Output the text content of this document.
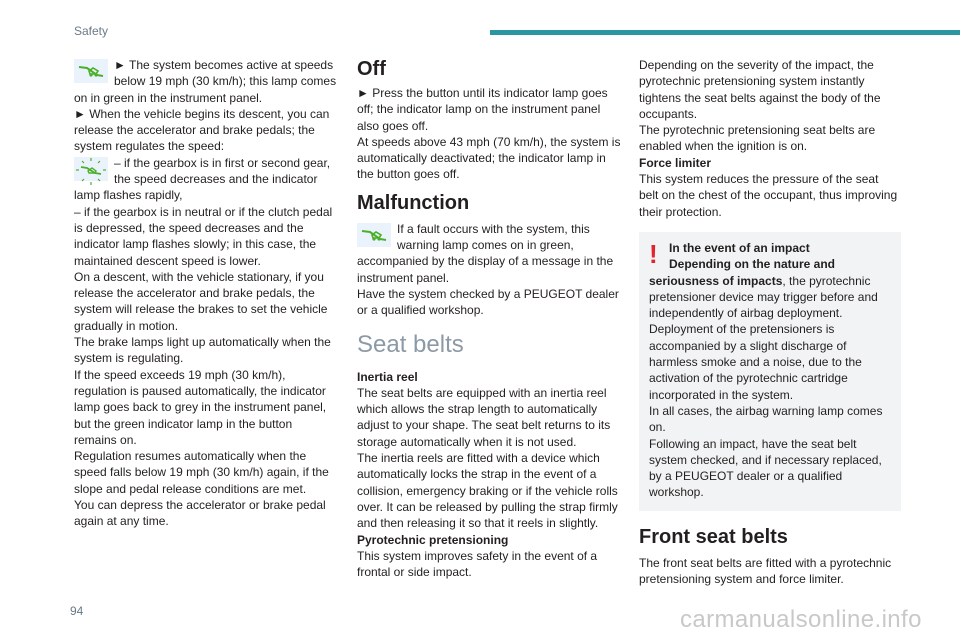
Safety

► The system becomes active at speeds below 19 mph (30 km/h); this lamp comes on in green in the instrument panel.

► When the vehicle begins its descent, you can release the accelerator and brake pedals; the system regulates the speed:

– if the gearbox is in first or second gear, the speed decreases and the indicator lamp flashes rapidly,

– if the gearbox is in neutral or if the clutch pedal is depressed, the speed decreases and the indicator lamp flashes slowly; in this case, the maintained descent speed is lower.

On a descent, with the vehicle stationary, if you release the accelerator and brake pedals, the system will release the brakes to set the vehicle gradually in motion.

The brake lamps light up automatically when the system is regulating.

If the speed exceeds 19 mph (30 km/h), regulation is paused automatically, the indicator lamp goes back to grey in the instrument panel, but the green indicator lamp in the button remains on.

Regulation resumes automatically when the speed falls below 19 mph (30 km/h) again, if the slope and pedal release conditions are met.

You can depress the accelerator or brake pedal again at any time.

Off

► Press the button until its indicator lamp goes off; the indicator lamp on the instrument panel also goes off.

At speeds above 43 mph (70 km/h), the system is automatically deactivated; the indicator lamp in the button goes off.

Malfunction

If a fault occurs with the system, this warning lamp comes on in green, accompanied by the display of a message in the instrument panel.

Have the system checked by a PEUGEOT dealer or a qualified workshop.

Seat belts

Inertia reel

The seat belts are equipped with an inertia reel which allows the strap length to automatically adjust to your shape. The seat belt returns to its storage automatically when it is not used.

The inertia reels are fitted with a device which automatically locks the strap in the event of a collision, emergency braking or if the vehicle rolls over. It can be released by pulling the strap firmly and then releasing it so that it reels in slightly.

Pyrotechnic pretensioning

This system improves safety in the event of a frontal or side impact.

Depending on the severity of the impact, the pyrotechnic pretensioning system instantly tightens the seat belts against the body of the occupants.

The pyrotechnic pretensioning seat belts are enabled when the ignition is on.

Force limiter

This system reduces the pressure of the seat belt on the chest of the occupant, thus improving their protection.

! In the event of an impact

Depending on the nature and seriousness of impacts, the pyrotechnic pretensioner device may trigger before and independently of airbag deployment.

Deployment of the pretensioners is accompanied by a slight discharge of harmless smoke and a noise, due to the activation of the pyrotechnic cartridge incorporated in the system.

In all cases, the airbag warning lamp comes on.

Following an impact, have the seat belt system checked, and if necessary replaced, by a PEUGEOT dealer or a qualified workshop.

Front seat belts

The front seat belts are fitted with a pyrotechnic pretensioning system and force limiter.

94	carmanualsonline.info
